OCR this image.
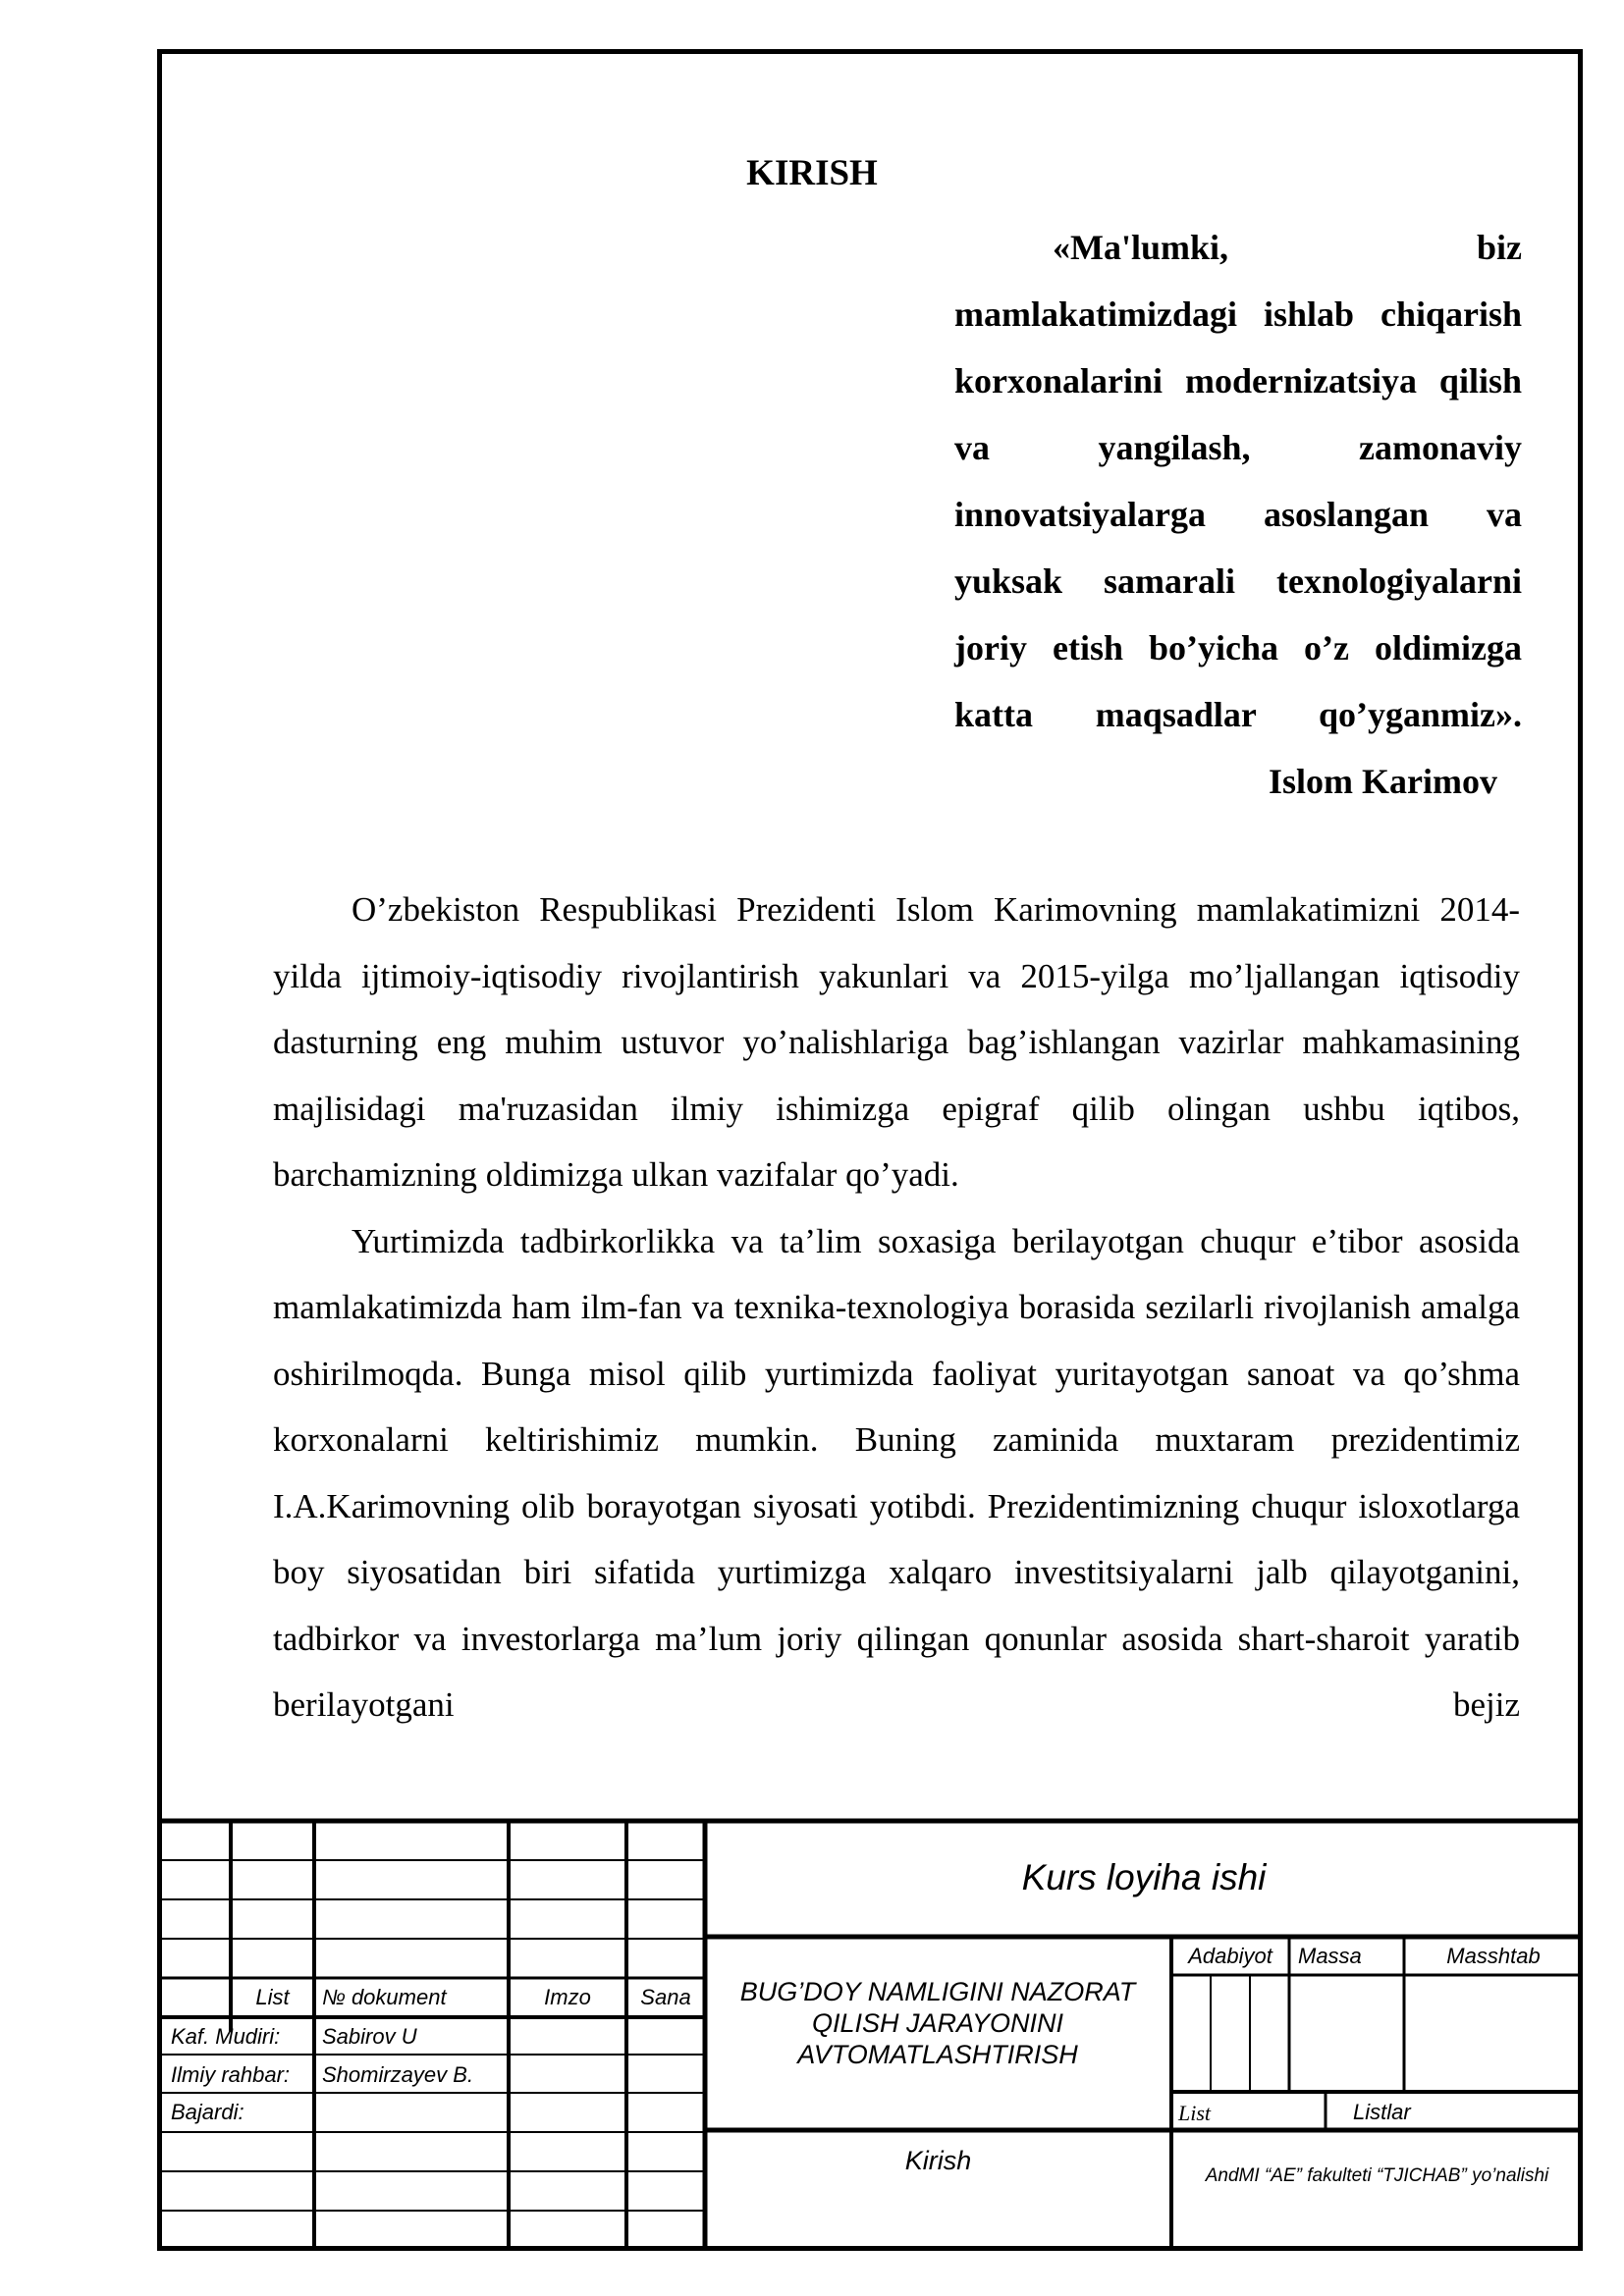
KIRISH
«Ma'lumki, biz mamlakatimizdagi ishlab chiqarish korxonalarini modernizatsiya qilish va yangilash, zamonaviy innovatsiyalarga asoslangan va yuksak samarali texnologiyalarni joriy etish bo’yicha o’z oldimizga katta maqsadlar qo’yganmiz».
Islom Karimov

O’zbekiston Respublikasi Prezidenti Islom Karimovning mamlakatimizni 2014-yilda ijtimoiy-iqtisodiy rivojlantirish yakunlari va 2015-yilga mo’ljallangan iqtisodiy dasturning eng muhim ustuvor yo’nalishlariga bag’ishlangan vazirlar mahkamasining majlisidagi ma'ruzasidan ilmiy ishimizga epigraf qilib olingan ushbu iqtibos, barchamizning oldimizga ulkan vazifalar qo’yadi.

Yurtimizda tadbirkorlikka va ta’lim soxasiga berilayotgan chuqur e’tibor asosida mamlakatimizda ham ilm-fan va texnika-texnologiya borasida sezilarli rivojlanish amalga oshirilmoqda. Bunga misol qilib yurtimizda faoliyat yuritayotgan sanoat va qo’shma korxonalarni keltirishimiz mumkin. Buning zaminida muxtaram prezidentimiz I.A.Karimovning olib borayotgan siyosati yotibdi. Prezidentimizning chuqur isloxotlarga boy siyosatidan biri sifatida yurtimizga xalqaro investitsiyalarni jalb qilayotganini, tadbirkor va investorlarga ma’lum joriy qilingan qonunlar asosida shart-sharoit yaratib berilayotgani bejiz

Kurs loyiha ishi
List	№ dokument	Imzo	Sana
Kaf. Mudiri: Sabirov U
Ilmiy rahbar: Shomirzayev B.
Bajardi:
BUG’DOY NAMLIGINI NAZORAT
QILISH JARAYONINI
AVTOMATLASHTIRISH
Kirish
Adabiyot	Massa	Masshtab
List	Listlar
AndMI “AE” fakulteti “TJICHAB” yo’nalishi
